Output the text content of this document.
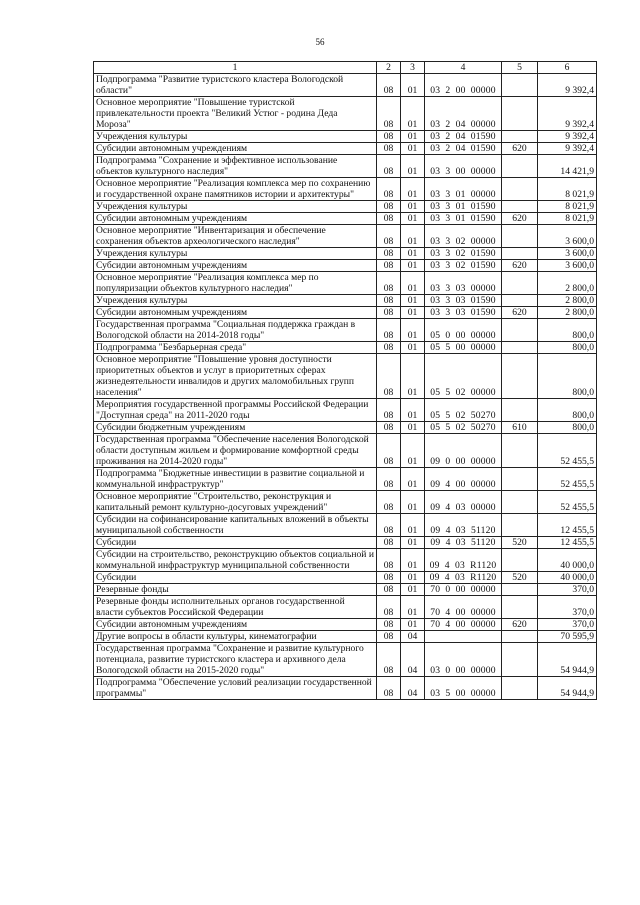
56
1	2	3	4	5	6
Подпрограмма "Развитие туристского кластера Вологодской области"	08	01	03  2  00  00000		9 392,4
Основное мероприятие "Повышение туристской привлекательности проекта "Великий Устюг - родина Деда Мороза"	08	01	03  2  04  00000		9 392,4
Учреждения культуры	08	01	03  2  04  01590		9 392,4
Субсидии автономным учреждениям	08	01	03  2  04  01590	620	9 392,4
Подпрограмма "Сохранение и эффективное использование объектов культурного наследия"	08	01	03  3  00  00000		14 421,9
Основное мероприятие "Реализация комплекса мер по сохранению и государственной охране памятников истории и архитектуры"	08	01	03  3  01  00000		8 021,9
Учреждения культуры	08	01	03  3  01  01590		8 021,9
Субсидии автономным учреждениям	08	01	03  3  01  01590	620	8 021,9
Основное мероприятие "Инвентаризация и обеспечение сохранения объектов археологического наследия"	08	01	03  3  02  00000		3 600,0
Учреждения культуры	08	01	03  3  02  01590		3 600,0
Субсидии автономным учреждениям	08	01	03  3  02  01590	620	3 600,0
Основное мероприятие "Реализация комплекса мер по популяризации объектов культурного наследия"	08	01	03  3  03  00000		2 800,0
Учреждения культуры	08	01	03  3  03  01590		2 800,0
Субсидии автономным учреждениям	08	01	03  3  03  01590	620	2 800,0
Государственная программа "Социальная поддержка граждан в Вологодской области на 2014-2018 годы"	08	01	05  0  00  00000		800,0
Подпрограмма "Безбарьерная среда"	08	01	05  5  00  00000		800,0
Основное мероприятие "Повышение уровня доступности приоритетных объектов и услуг в приоритетных сферах жизнедеятельности инвалидов и других маломобильных групп населения"	08	01	05  5  02  00000		800,0
Мероприятия государственной программы Российской Федерации "Доступная среда" на 2011-2020 годы	08	01	05  5  02  50270		800,0
Субсидии бюджетным учреждениям	08	01	05  5  02  50270	610	800,0
Государственная программа "Обеспечение населения Вологодской области доступным жильем и формирование комфортной среды проживания на 2014-2020 годы"	08	01	09  0  00  00000		52 455,5
Подпрограмма "Бюджетные инвестиции в развитие социальной и коммунальной инфраструктур"	08	01	09  4  00  00000		52 455,5
Основное мероприятие "Строительство, реконструкция и капитальный ремонт культурно-досуговых учреждений"	08	01	09  4  03  00000		52 455,5
Субсидии на софинансирование капитальных вложений в объекты муниципальной собственности	08	01	09  4  03  51120		12 455,5
Субсидии	08	01	09  4  03  51120	520	12 455,5
Субсидии на строительство, реконструкцию объектов социальной и коммунальной инфраструктур муниципальной собственности	08	01	09  4  03  R1120		40 000,0
Субсидии	08	01	09  4  03  R1120	520	40 000,0
Резервные фонды	08	01	70  0  00  00000		370,0
Резервные фонды исполнительных органов государственной власти субъектов Российской Федерации	08	01	70  4  00  00000		370,0
Субсидии автономным учреждениям	08	01	70  4  00  00000	620	370,0
Другие вопросы в области культуры, кинематографии	08	04			70 595,9
Государственная программа "Сохранение и развитие культурного потенциала, развитие туристского кластера и архивного дела Вологодской области на 2015-2020 годы"	08	04	03  0  00  00000		54 944,9
Подпрограмма "Обеспечение условий реализации государственной программы"	08	04	03  5  00  00000		54 944,9
